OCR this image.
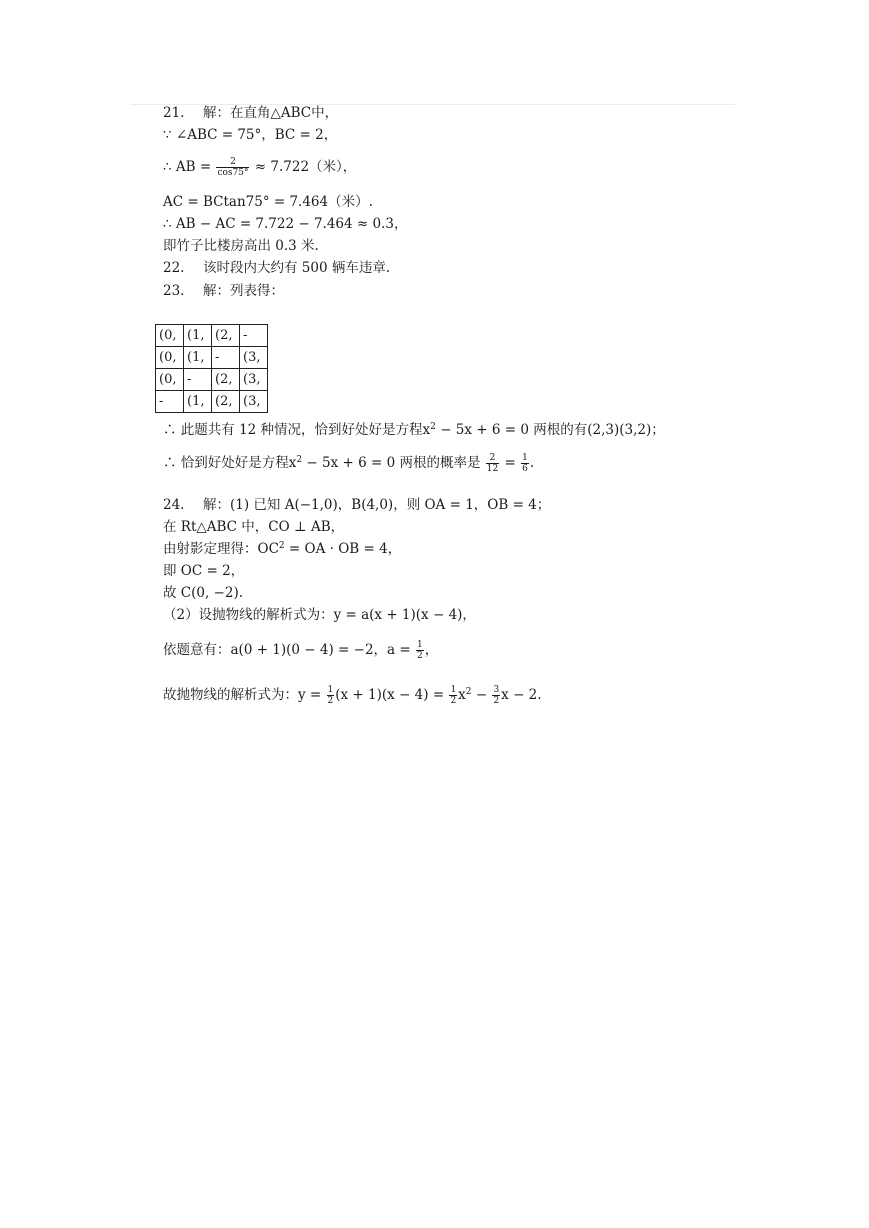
21. 解：在直角△ABC中，
∵ ∠ABC = 75°，BC = 2，
∴ AB = $\frac{2}{\cos 75^\circ} \approx 7.722$（米），
AC = BCtan75° = 7.464（米）.
∴ AB − AC = 7.722 − 7.464 ≈ 0.3，
即竹子比楼房高出 0.3 米.
22. 该时段内大约有 500 辆车违章.
23. 解：列表得：
(0,	(1,	(2,	-
(0,	(1,	-	(3,
(0,	-	(2,	(3,
-	(1,	(2,	(3,
∴ 此题共有 12 种情况，恰到好处好是方程$x^2 - 5x + 6 = 0$ 两根的有(2,3)(3,2)；
∴ 恰到好处好是方程$x^2 - 5x + 6 = 0$ 两根的概率是 $\frac{2}{12} = \frac{1}{6}$ .
24. 解：(1) 已知 A(−1,0)，B(4,0)，则 OA = 1，OB = 4；
在 Rt△ABC 中，CO ⊥ AB，
由射影定理得：$OC^2$ = OA · OB = 4，
即 OC = 2，
故 C(0, −2).
（2）设抛物线的解析式为：y = a(x + 1)(x − 4)，
依题意有：a(0 + 1)(0 − 4) = −2，$a = \frac{1}{2}$ ，
故抛物线的解析式为：$y = \frac{1}{2} (x + 1)(x - 4) = \frac{1}{2} x^2 - \frac{3}{2}$ x − 2.
